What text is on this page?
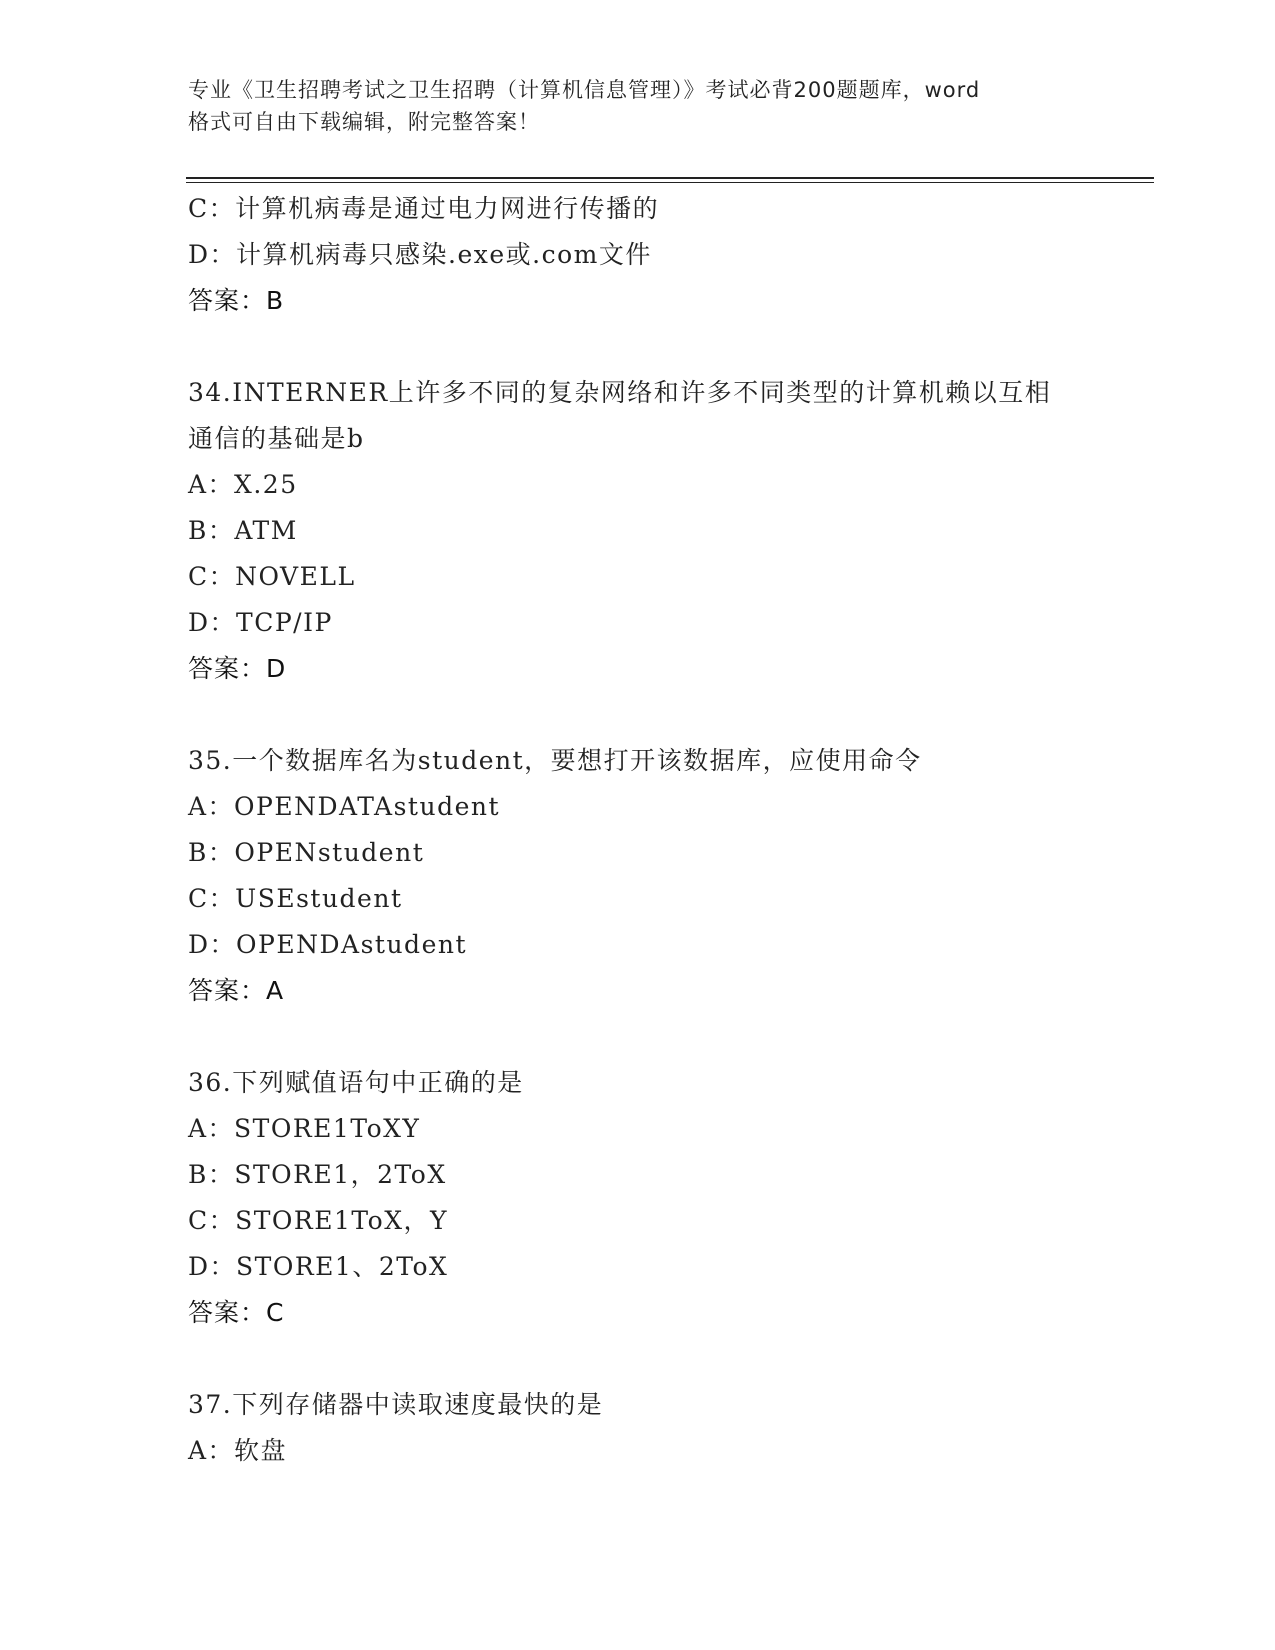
专业《卫生招聘考试之卫生招聘（计算机信息管理）》考试必背200题题库，word
格式可自由下载编辑，附完整答案！
C：计算机病毒是通过电力网进行传播的
D：计算机病毒只感染.exe或.com文件
答案：B
34.INTERNER上许多不同的复杂网络和许多不同类型的计算机赖以互相
通信的基础是b
A：X.25
B：ATM
C：NOVELL
D：TCP/IP
答案：D
35.一个数据库名为student，要想打开该数据库，应使用命令
A：OPENDATAstudent
B：OPENstudent
C：USEstudent
D：OPENDAstudent
答案：A
36.下列赋值语句中正确的是
A：STORE1ToXY
B：STORE1，2ToX
C：STORE1ToX，Y
D：STORE1、2ToX
答案：C
37.下列存储器中读取速度最快的是
A：软盘
